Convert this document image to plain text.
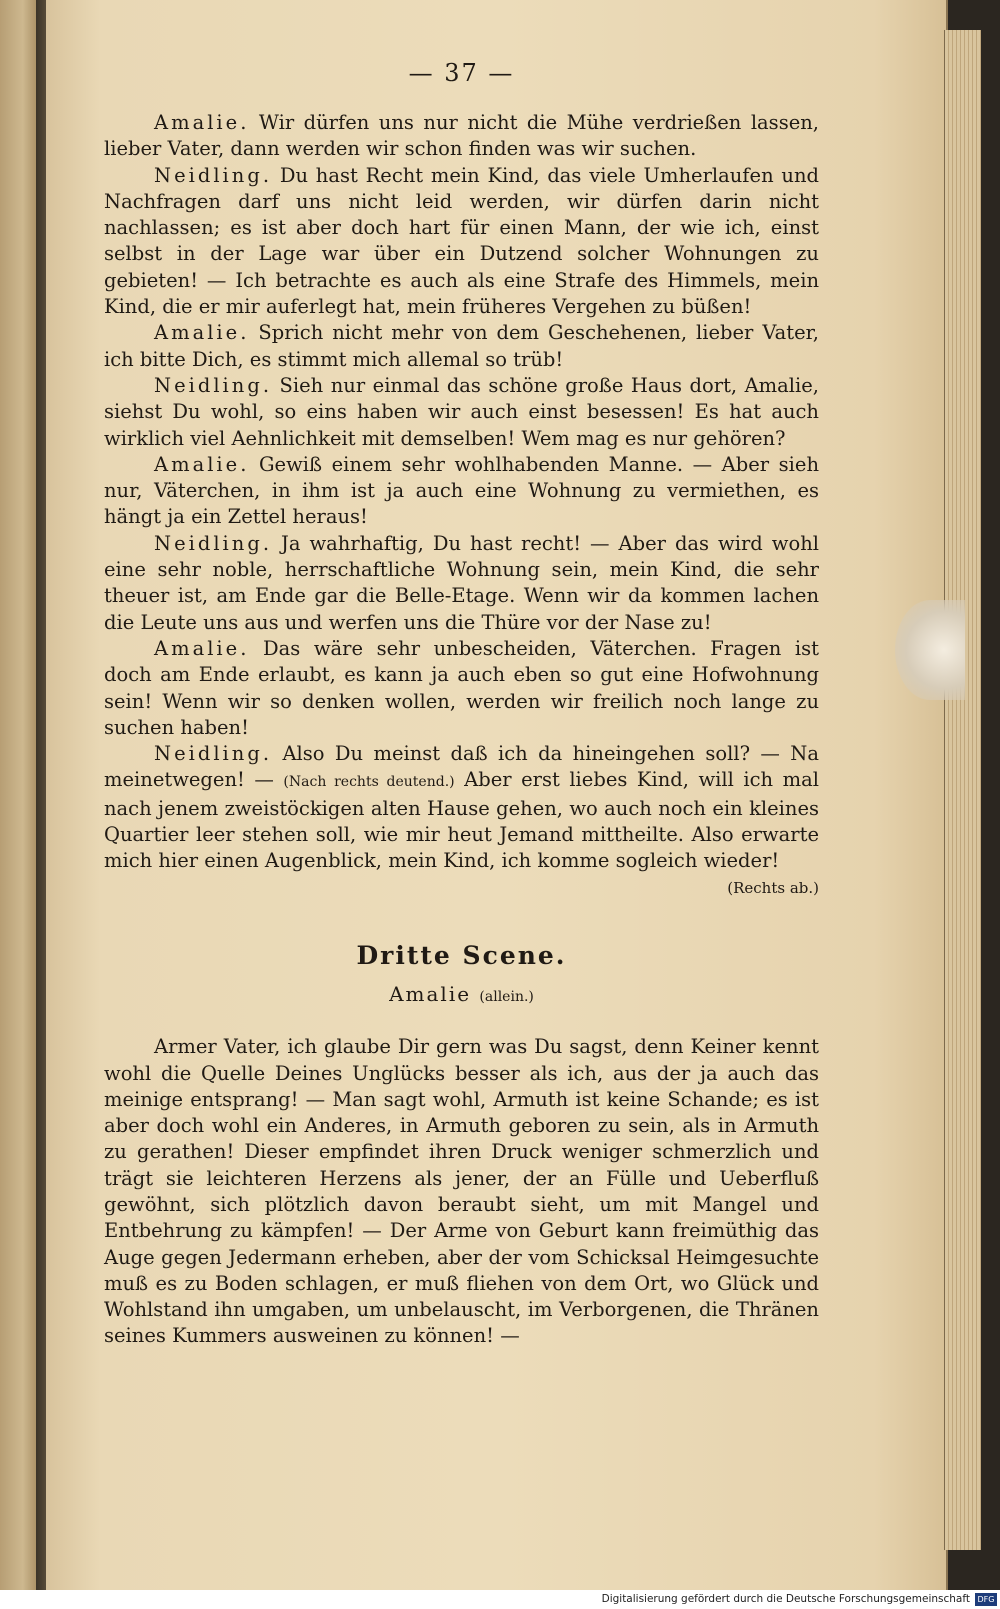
— 37 —

Amalie. Wir dürfen uns nur nicht die Mühe verdrießen lassen, lieber Vater, dann werden wir schon finden was wir suchen.

Neidling. Du hast Recht mein Kind, das viele Umherlaufen und Nachfragen darf uns nicht leid werden, wir dürfen darin nicht nachlassen; es ist aber doch hart für einen Mann, der wie ich, einst selbst in der Lage war über ein Dutzend solcher Wohnungen zu gebieten! — Ich betrachte es auch als eine Strafe des Himmels, mein Kind, die er mir auferlegt hat, mein früheres Vergehen zu büßen!

Amalie. Sprich nicht mehr von dem Geschehenen, lieber Vater, ich bitte Dich, es stimmt mich allemal so trüb!

Neidling. Sieh nur einmal das schöne große Haus dort, Amalie, siehst Du wohl, so eins haben wir auch einst besessen! Es hat auch wirklich viel Aehnlichkeit mit demselben! Wem mag es nur gehören?

Amalie. Gewiß einem sehr wohlhabenden Manne. — Aber sieh nur, Väterchen, in ihm ist ja auch eine Wohnung zu vermiethen, es hängt ja ein Zettel heraus!

Neidling. Ja wahrhaftig, Du hast recht! — Aber das wird wohl eine sehr noble, herrschaftliche Wohnung sein, mein Kind, die sehr theuer ist, am Ende gar die Belle-Etage. Wenn wir da kommen lachen die Leute uns aus und werfen uns die Thüre vor der Nase zu!

Amalie. Das wäre sehr unbescheiden, Väterchen. Fragen ist doch am Ende erlaubt, es kann ja auch eben so gut eine Hofwohnung sein! Wenn wir so denken wollen, werden wir freilich noch lange zu suchen haben!

Neidling. Also Du meinst daß ich da hineingehen soll? — Na meinetwegen! — (Nach rechts deutend.) Aber erst liebes Kind, will ich mal nach jenem zweistöckigen alten Hause gehen, wo auch noch ein kleines Quartier leer stehen soll, wie mir heut Jemand mittheilte. Also erwarte mich hier einen Augenblick, mein Kind, ich komme sogleich wieder!
(Rechts ab.)

Dritte Scene.
Amalie (allein.)

Armer Vater, ich glaube Dir gern was Du sagst, denn Keiner kennt wohl die Quelle Deines Unglücks besser als ich, aus der ja auch das meinige entsprang! — Man sagt wohl, Armuth ist keine Schande; es ist aber doch wohl ein Anderes, in Armuth geboren zu sein, als in Armuth zu gerathen! Dieser empfindet ihren Druck weniger schmerzlich und trägt sie leichteren Herzens als jener, der an Fülle und Ueberfluß gewöhnt, sich plötzlich davon beraubt sieht, um mit Mangel und Entbehrung zu kämpfen! — Der Arme von Geburt kann freimüthig das Auge gegen Jedermann erheben, aber der vom Schicksal Heimgesuchte muß es zu Boden schlagen, er muß fliehen von dem Ort, wo Glück und Wohlstand ihn umgaben, um unbelauscht, im Verborgenen, die Thränen seines Kummers ausweinen zu können! —

Digitalisierung gefördert durch die Deutsche Forschungsgemeinschaft DFG
